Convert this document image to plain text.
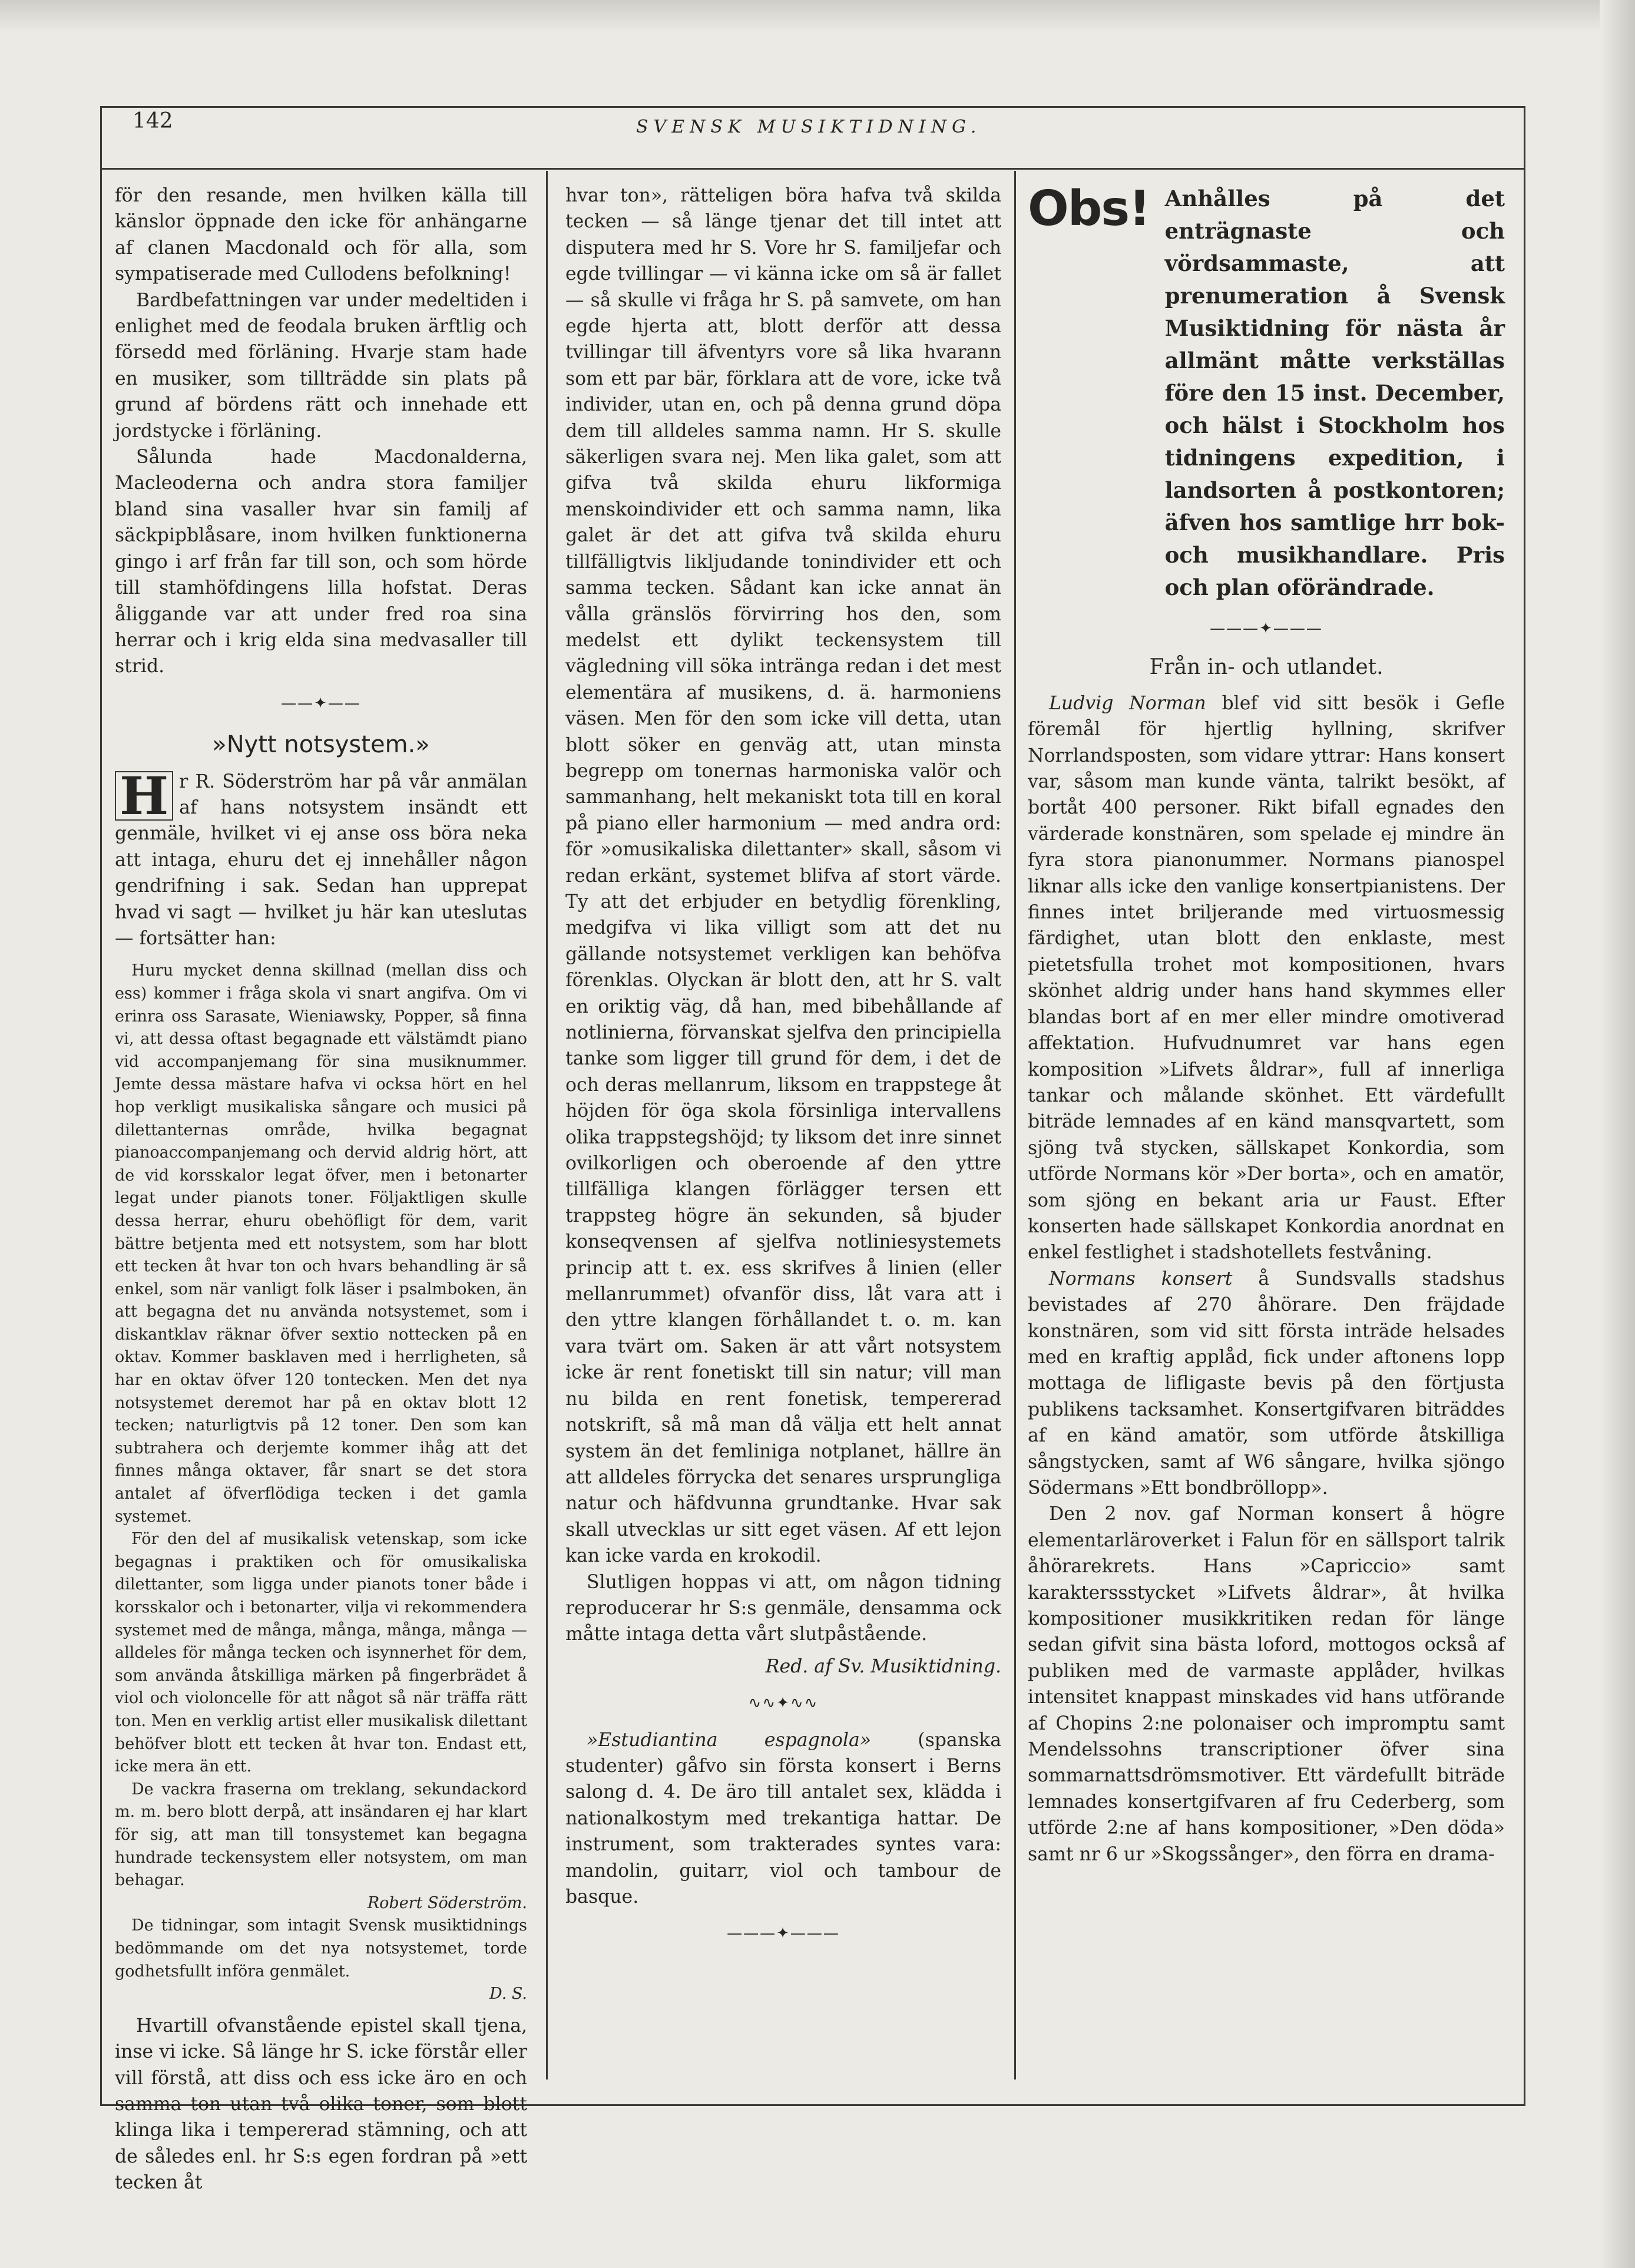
142	SVENSK MUSIKTIDNING.

för den resande, men hvilken källa till känslor öppnade den icke för anhängarne af clanen Macdonald och för alla, som sympatiserade med Cullodens befolkning!

Bardbefattningen var under medeltiden i enlighet med de feodala bruken ärftlig och försedd med förläning. Hvarje stam hade en musiker, som tillträdde sin plats på grund af bördens rätt och innehade ett jordstycke i förläning.

Sålunda hade Macdonalderna, Macleoderna och andra stora familjer bland sina vasaller hvar sin familj af säckpipblåsare, inom hvilken funktionerna gingo i arf från far till son, och som hörde till stamhöfdingens lilla hofstat. Deras åliggande var att under fred roa sina herrar och i krig elda sina medvasaller till strid.

——✦——
»Nytt notsystem.»

H r R. Söderström har på vår anmälan af hans notsystem insändt ett genmäle, hvilket vi ej anse oss böra neka att intaga, ehuru det ej innehåller någon gendrifning i sak. Sedan han upprepat hvad vi sagt — hvilket ju här kan uteslutas — fortsätter han:

Huru mycket denna skillnad (mellan diss och ess) kommer i fråga skola vi snart angifva. Om vi erinra oss Sarasate, Wieniawsky, Popper, så finna vi, att dessa oftast begagnade ett välstämdt piano vid accompanjemang för sina musiknummer. Jemte dessa mästare hafva vi ocksa hört en hel hop verkligt musikaliska sångare och musici på dilettanternas område, hvilka begagnat pianoaccompanjemang och dervid aldrig hört, att de vid korsskalor legat öfver, men i betonarter legat under pianots toner. Följaktligen skulle dessa herrar, ehuru obehöfligt för dem, varit bättre betjenta med ett notsystem, som har blott ett tecken åt hvar ton och hvars behandling är så enkel, som när vanligt folk läser i psalmboken, än att begagna det nu använda notsystemet, som i diskantklav räknar öfver sextio nottecken på en oktav. Kommer basklaven med i herrligheten, så har en oktav öfver 120 tontecken. Men det nya notsystemet deremot har på en oktav blott 12 tecken; naturligtvis på 12 toner. Den som kan subtrahera och derjemte kommer ihåg att det finnes många oktaver, får snart se det stora antalet af öfverflödiga tecken i det gamla systemet.

För den del af musikalisk vetenskap, som icke begagnas i praktiken och för omusikaliska dilettanter, som ligga under pianots toner både i korsskalor och i betonarter, vilja vi rekommendera systemet med de många, många, många, många — alldeles för många tecken och isynnerhet för dem, som använda åtskilliga märken på fingerbrädet å viol och violoncelle för att något så när träffa rätt ton. Men en verklig artist eller musikalisk dilettant behöfver blott ett tecken åt hvar ton. Endast ett, icke mera än ett.

De vackra fraserna om treklang, sekundackord m. m. bero blott derpå, att insändaren ej har klart för sig, att man till tonsystemet kan begagna hundrade teckensystem eller notsystem, om man behagar.

Robert Söderström.

De tidningar, som intagit Svensk musiktidnings bedömmande om det nya notsystemet, torde godhetsfullt införa genmälet.

D. S.

Hvartill ofvanstående epistel skall tjena, inse vi icke. Så länge hr S. icke förstår eller vill förstå, att diss och ess icke äro en och samma ton utan två olika toner, som blott klinga lika i tempererad stämning, och att de således enl. hr S:s egen fordran på »ett tecken åt

hvar ton», rätteligen böra hafva två skilda tecken — så länge tjenar det till intet att disputera med hr S. Vore hr S. familjefar och egde tvillingar — vi känna icke om så är fallet — så skulle vi fråga hr S. på samvete, om han egde hjerta att, blott derför att dessa tvillingar till äfventyrs vore så lika hvarann som ett par bär, förklara att de vore, icke två individer, utan en, och på denna grund döpa dem till alldeles samma namn. Hr S. skulle säkerligen svara nej. Men lika galet, som att gifva två skilda ehuru likformiga menskoindivider ett och samma namn, lika galet är det att gifva två skilda ehuru tillfälligtvis likljudande tonindivider ett och samma tecken. Sådant kan icke annat än vålla gränslös förvirring hos den, som medelst ett dylikt teckensystem till vägledning vill söka intränga redan i det mest elementära af musikens, d. ä. harmoniens väsen. Men för den som icke vill detta, utan blott söker en genväg att, utan minsta begrepp om tonernas harmoniska valör och sammanhang, helt mekaniskt tota till en koral på piano eller harmonium — med andra ord: för »omusikaliska dilettanter» skall, såsom vi redan erkänt, systemet blifva af stort värde. Ty att det erbjuder en betydlig förenkling, medgifva vi lika villigt som att det nu gällande notsystemet verkligen kan behöfva förenklas. Olyckan är blott den, att hr S. valt en oriktig väg, då han, med bibehållande af notlinierna, förvanskat sjelfva den principiella tanke som ligger till grund för dem, i det de och deras mellanrum, liksom en trappstege åt höjden för öga skola försinliga intervallens olika trappstegshöjd; ty liksom det inre sinnet ovilkorligen och oberoende af den yttre tillfälliga klangen förlägger tersen ett trappsteg högre än sekunden, så bjuder konseqvensen af sjelfva notliniesystemets princip att t. ex. ess skrifves å linien (eller mellanrummet) ofvanför diss, låt vara att i den yttre klangen förhållandet t. o. m. kan vara tvärt om. Saken är att vårt notsystem icke är rent fonetiskt till sin natur; vill man nu bilda en rent fonetisk, tempererad notskrift, så må man då välja ett helt annat system än det femliniga notplanet, hällre än att alldeles förrycka det senares ursprungliga natur och häfdvunna grundtanke. Hvar sak skall utvecklas ur sitt eget väsen. Af ett lejon kan icke varda en krokodil.

Slutligen hoppas vi att, om någon tidning reproducerar hr S:s genmäle, densamma ock måtte intaga detta vårt slutpåstående.

Red. af Sv. Musiktidning.
∿∿✦∿∿

»Estudiantina espagnola» (spanska studenter) gåfvo sin första konsert i Berns salong d. 4. De äro till antalet sex, klädda i nationalkostym med trekantiga hattar. De instrument, som trakterades syntes vara: mandolin, guitarr, viol och tambour de basque.

———✦———
Obs! Anhålles på det enträgnaste och vördsammaste, att prenumeration å Svensk Musiktidning för nästa år allmänt måtte verkställas före den 15 inst. December, och hälst i Stockholm hos tidningens expedition, i landsorten å postkontoren; äfven hos samtlige hrr bok- och musikhandlare. Pris och plan oförändrade.
———✦———
Från in- och utlandet.

Ludvig Norman blef vid sitt besök i Gefle föremål för hjertlig hyllning, skrifver Norrlandsposten, som vidare yttrar: Hans konsert var, såsom man kunde vänta, talrikt besökt, af bortåt 400 personer. Rikt bifall egnades den värderade konstnären, som spelade ej mindre än fyra stora pianonummer. Normans pianospel liknar alls icke den vanlige konsertpianistens. Der finnes intet briljerande med virtuosmessig färdighet, utan blott den enklaste, mest pietetsfulla trohet mot kompositionen, hvars skönhet aldrig under hans hand skymmes eller blandas bort af en mer eller mindre omotiverad affektation. Hufvudnumret var hans egen komposition »Lifvets åldrar», full af innerliga tankar och målande skönhet. Ett värdefullt biträde lemnades af en känd mansqvartett, som sjöng två stycken, sällskapet Konkordia, som utförde Normans kör »Der borta», och en amatör, som sjöng en bekant aria ur Faust. Efter konserten hade sällskapet Konkordia anordnat en enkel festlighet i stadshotellets festvåning.

Normans konsert å Sundsvalls stadshus bevistades af 270 åhörare. Den fräjdade konstnären, som vid sitt första inträde helsades med en kraftig applåd, fick under aftonens lopp mottaga de lifligaste bevis på den förtjusta publikens tacksamhet. Konsertgifvaren biträddes af en känd amatör, som utförde åtskilliga sångstycken, samt af W6 sångare, hvilka sjöngo Södermans »Ett bondbröllopp».

Den 2 nov. gaf Norman konsert å högre elementarläroverket i Falun för en sällsport talrik åhörarekrets. Hans »Capriccio» samt karakterssstycket »Lifvets åldrar», åt hvilka kompositioner musikkritiken redan för länge sedan gifvit sina bästa loford, mottogos också af publiken med de varmaste applåder, hvilkas intensitet knappast minskades vid hans utförande af Chopins 2:ne polonaiser och impromptu samt Mendelssohns transcriptioner öfver sina sommarnattsdrömsmotiver. Ett värdefullt biträde lemnades konsertgifvaren af fru Cederberg, som utförde 2:ne af hans kompositioner, »Den döda» samt nr 6 ur »Skogssånger», den förra en drama-
